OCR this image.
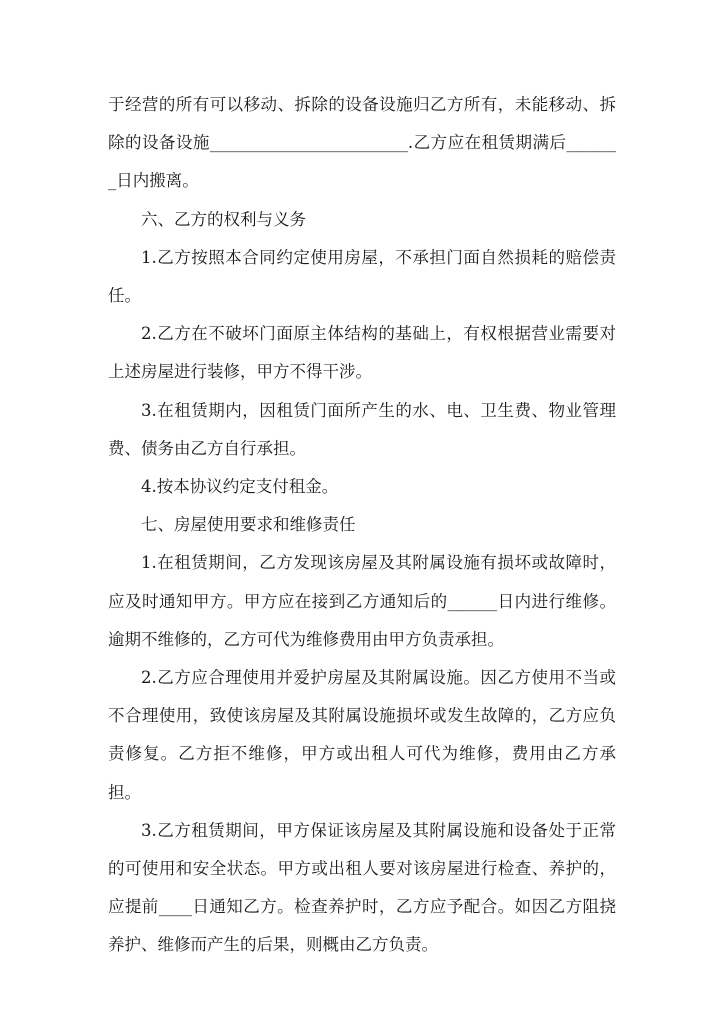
于经营的所有可以移动、拆除的设备设施归乙方所有，未能移动、拆除的设备设施________________________.乙方应在租赁期满后_______日内搬离。

六、乙方的权利与义务

1.乙方按照本合同约定使用房屋，不承担门面自然损耗的赔偿责任。

2.乙方在不破坏门面原主体结构的基础上，有权根据营业需要对上述房屋进行装修，甲方不得干涉。

3.在租赁期内，因租赁门面所产生的水、电、卫生费、物业管理费、债务由乙方自行承担。

4.按本协议约定支付租金。

七、房屋使用要求和维修责任

1.在租赁期间，乙方发现该房屋及其附属设施有损坏或故障时，应及时通知甲方。甲方应在接到乙方通知后的______日内进行维修。逾期不维修的，乙方可代为维修费用由甲方负责承担。

2.乙方应合理使用并爱护房屋及其附属设施。因乙方使用不当或不合理使用，致使该房屋及其附属设施损坏或发生故障的，乙方应负责修复。乙方拒不维修，甲方或出租人可代为维修，费用由乙方承担。

3.乙方租赁期间，甲方保证该房屋及其附属设施和设备处于正常的可使用和安全状态。甲方或出租人要对该房屋进行检查、养护的，应提前____日通知乙方。检查养护时，乙方应予配合。如因乙方阻挠养护、维修而产生的后果，则概由乙方负责。
